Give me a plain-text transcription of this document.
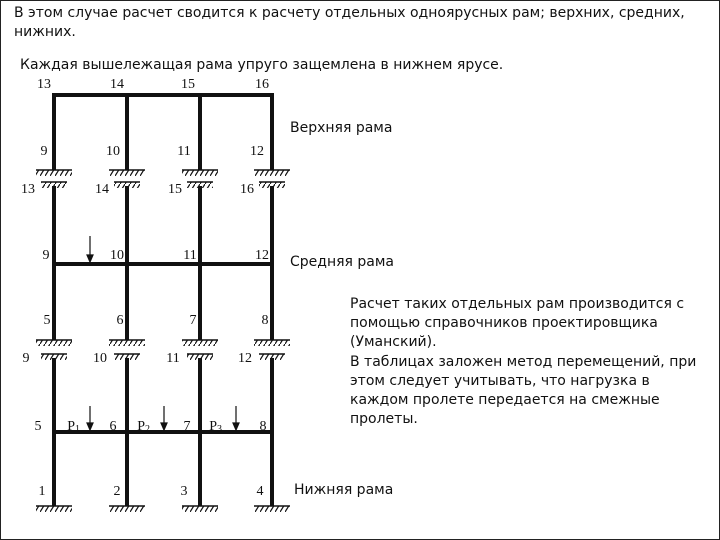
В этом случае расчет сводится к расчету отдельных одноярусных рам; верхних, средних,
нижних.
Каждая вышележащая рама упруго защемлена в нижнем ярусе.
13	14	15	16
9	10	11	12
13	14	15	16
9	10	11	12
5	6	7	8
9	10	11	12
5	6	7	8
1	2	3	4
P1	P2	P3
Верхняя рама
Средняя рама
Нижняя рама

Расчет таких отдельных рам производится с помощью справочников проектировщика (Уманский).

В таблицах заложен метод перемещений, при этом следует учитывать, что нагрузка в каждом пролете передается на смежные пролеты.
